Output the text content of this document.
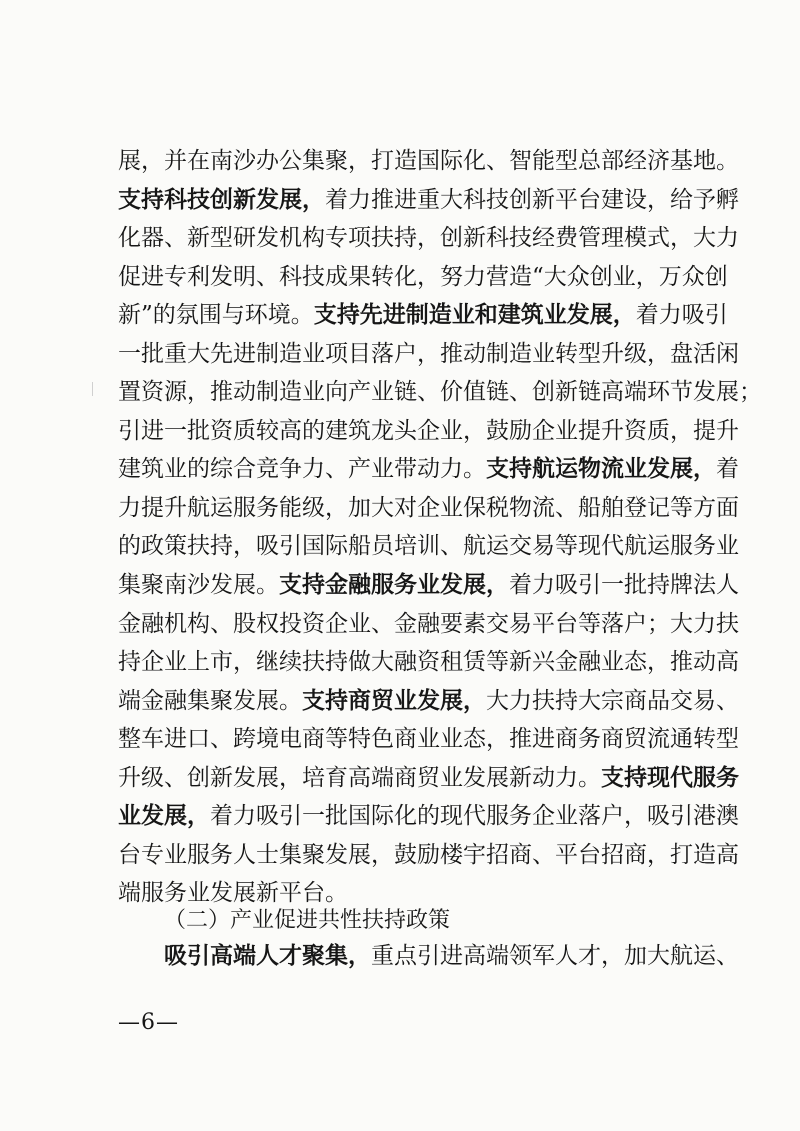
展，并在南沙办公集聚，打造国际化、智能型总部经济基地。
支持科技创新发展，着力推进重大科技创新平台建设，给予孵
化器、新型研发机构专项扶持，创新科技经费管理模式，大力
促进专利发明、科技成果转化，努力营造“大众创业，万众创
新”的氛围与环境。支持先进制造业和建筑业发展，着力吸引
一批重大先进制造业项目落户，推动制造业转型升级，盘活闲
置资源，推动制造业向产业链、价值链、创新链高端环节发展；
引进一批资质较高的建筑龙头企业，鼓励企业提升资质，提升
建筑业的综合竞争力、产业带动力。支持航运物流业发展，着
力提升航运服务能级，加大对企业保税物流、船舶登记等方面
的政策扶持，吸引国际船员培训、航运交易等现代航运服务业
集聚南沙发展。支持金融服务业发展，着力吸引一批持牌法人
金融机构、股权投资企业、金融要素交易平台等落户；大力扶
持企业上市，继续扶持做大融资租赁等新兴金融业态，推动高
端金融集聚发展。支持商贸业发展，大力扶持大宗商品交易、
整车进口、跨境电商等特色商业业态，推进商务商贸流通转型
升级、创新发展，培育高端商贸业发展新动力。支持现代服务
业发展，着力吸引一批国际化的现代服务企业落户，吸引港澳
台专业服务人士集聚发展，鼓励楼宇招商、平台招商，打造高
端服务业发展新平台。
（二）产业促进共性扶持政策
吸引高端人才聚集，重点引进高端领军人才，加大航运、
—6—
